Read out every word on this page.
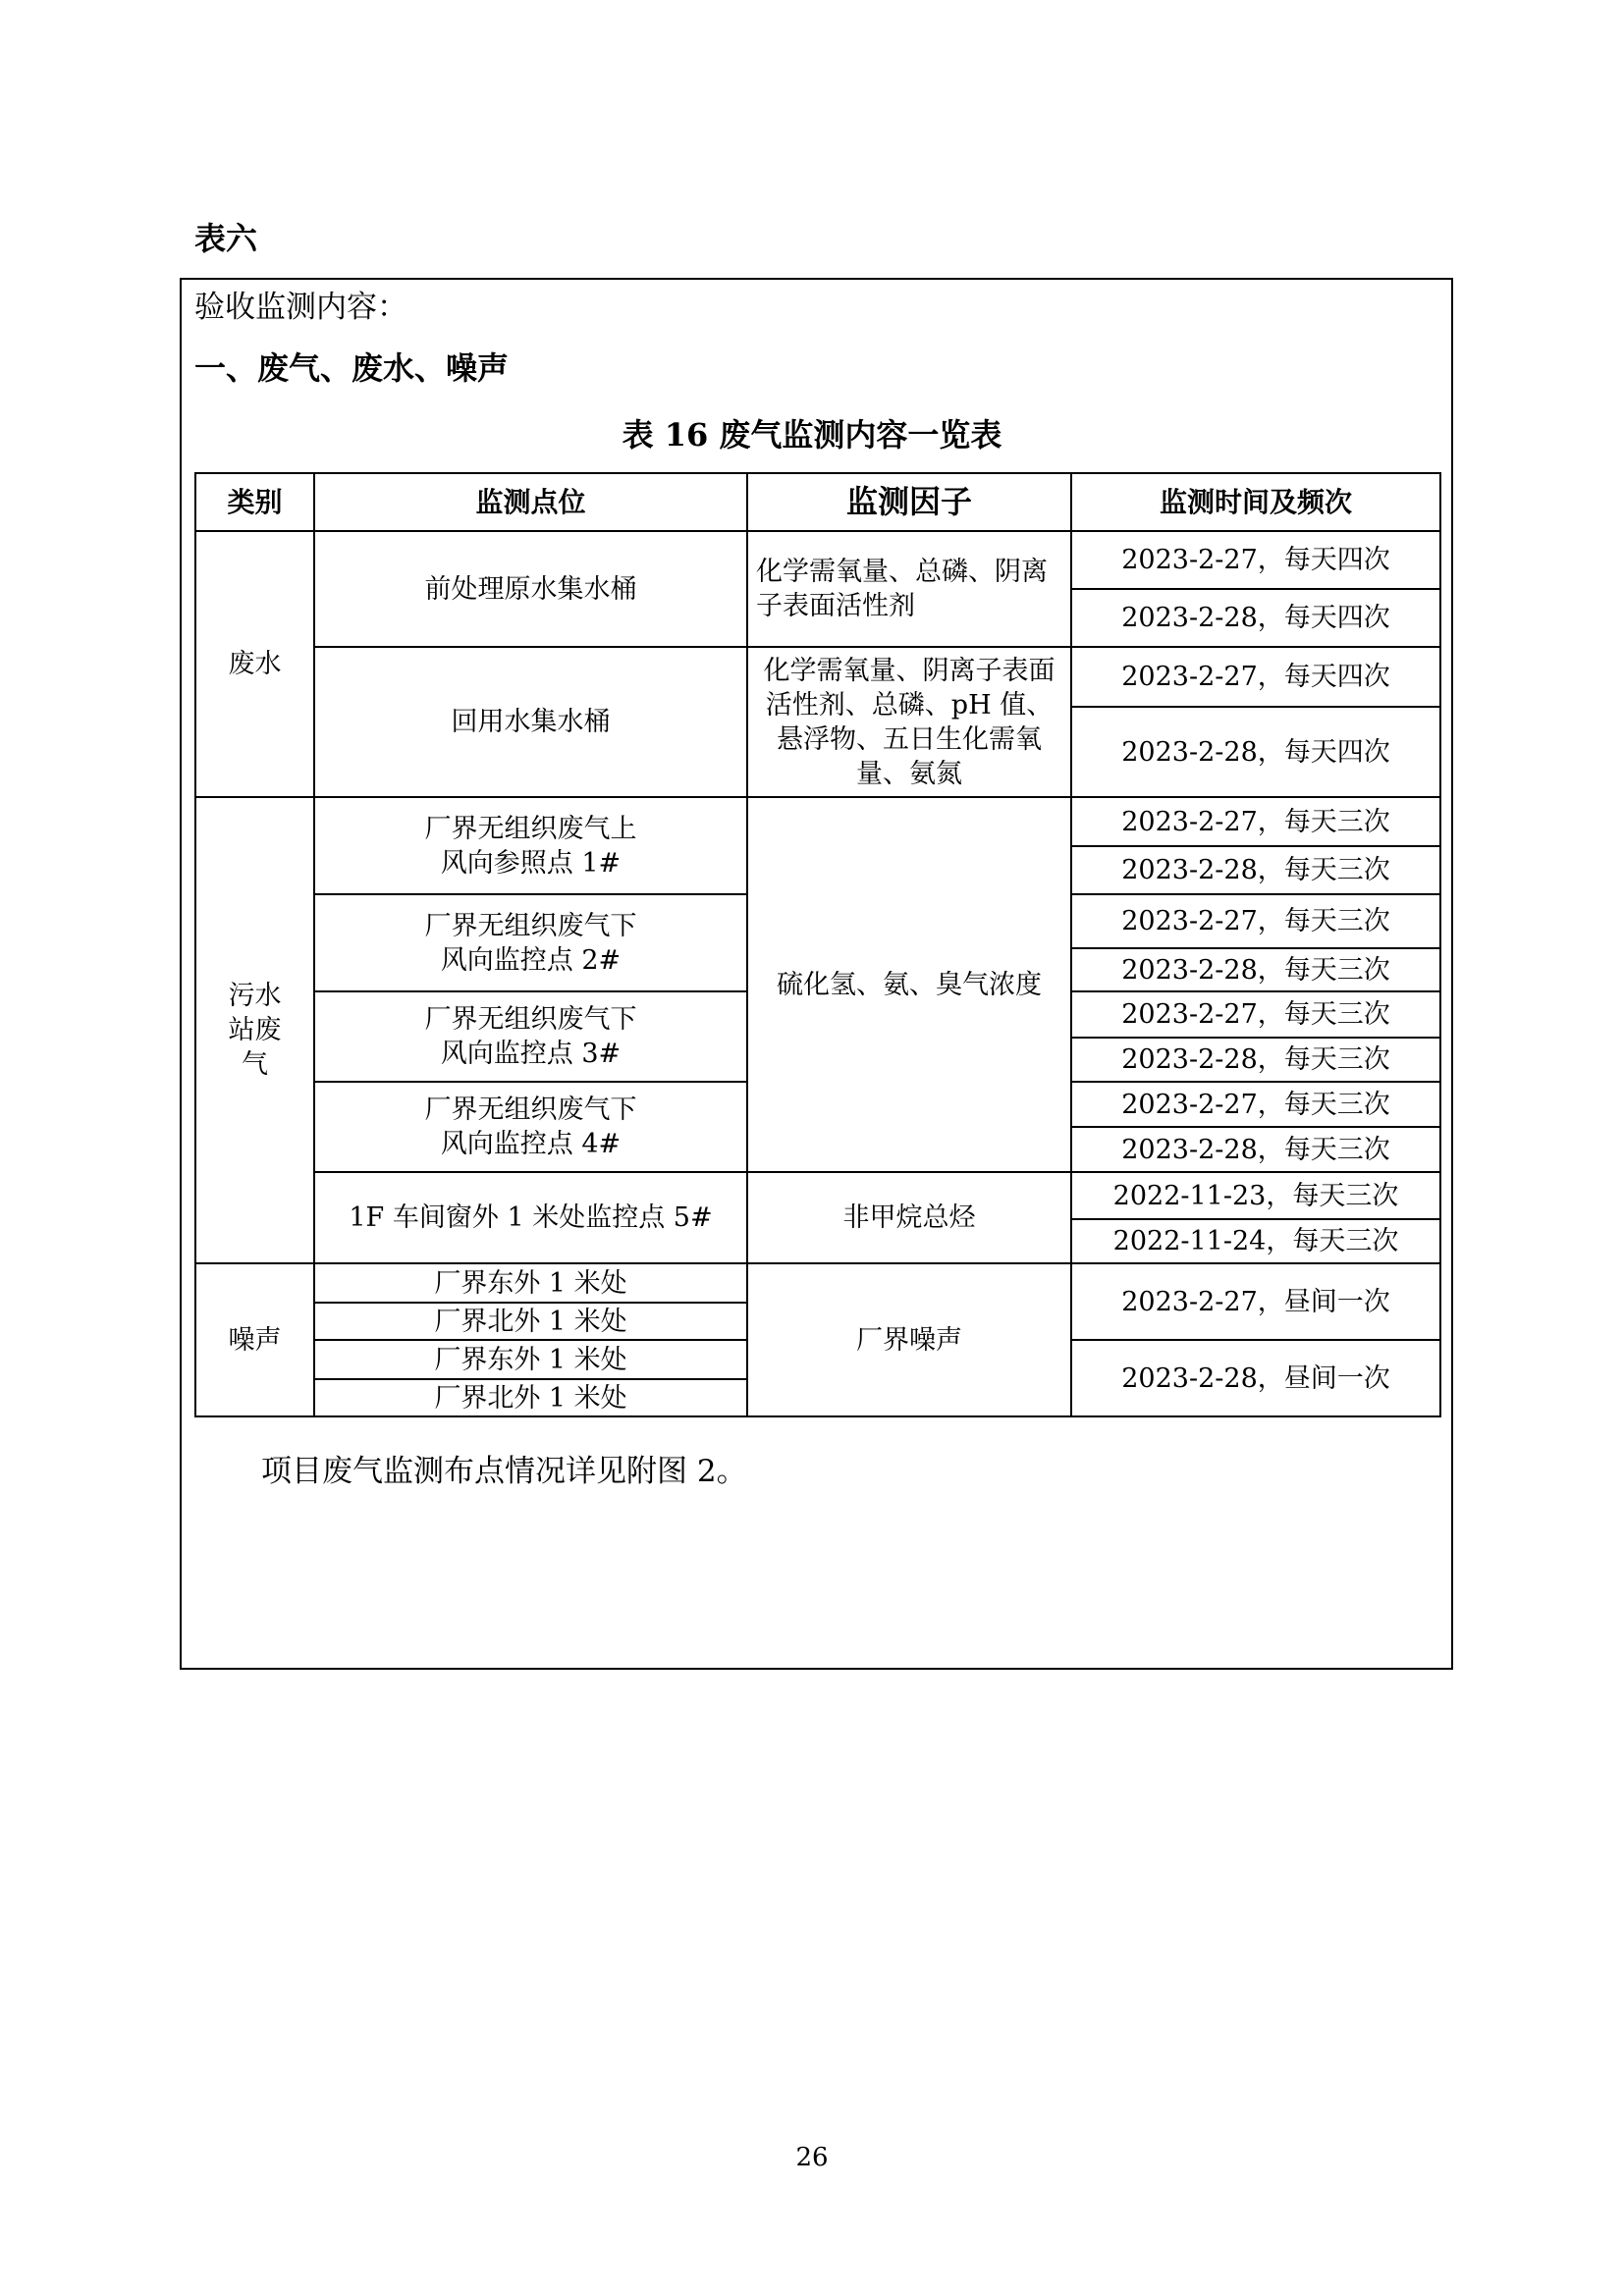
表六
验收监测内容：
一、废气、废水、噪声
表 16 废气监测内容一览表
类别	监测点位	监测因子	监测时间及频次
废水	前处理原水集水桶	化学需氧量、总磷、阴离子表面活性剂	2023-2-27，每天四次
			2023-2-28，每天四次
	回用水集水桶	化学需氧量、阴离子表面活性剂、总磷、pH 值、悬浮物、五日生化需氧量、氨氮	2023-2-27，每天四次
			2023-2-28，每天四次
污水站废气	厂界无组织废气上风向参照点 1#	硫化氢、氨、臭气浓度	2023-2-27，每天三次
			2023-2-28，每天三次
	厂界无组织废气下风向监控点 2#		2023-2-27，每天三次
			2023-2-28，每天三次
	厂界无组织废气下风向监控点 3#		2023-2-27，每天三次
			2023-2-28，每天三次
	厂界无组织废气下风向监控点 4#		2023-2-27，每天三次
			2023-2-28，每天三次
	1F 车间窗外 1 米处监控点 5#	非甲烷总烃	2022-11-23，每天三次
			2022-11-24，每天三次
噪声	厂界东外 1 米处	厂界噪声	2023-2-27，昼间一次
	厂界北外 1 米处		
	厂界东外 1 米处		2023-2-28，昼间一次
	厂界北外 1 米处		
项目废气监测布点情况详见附图 2。
26
